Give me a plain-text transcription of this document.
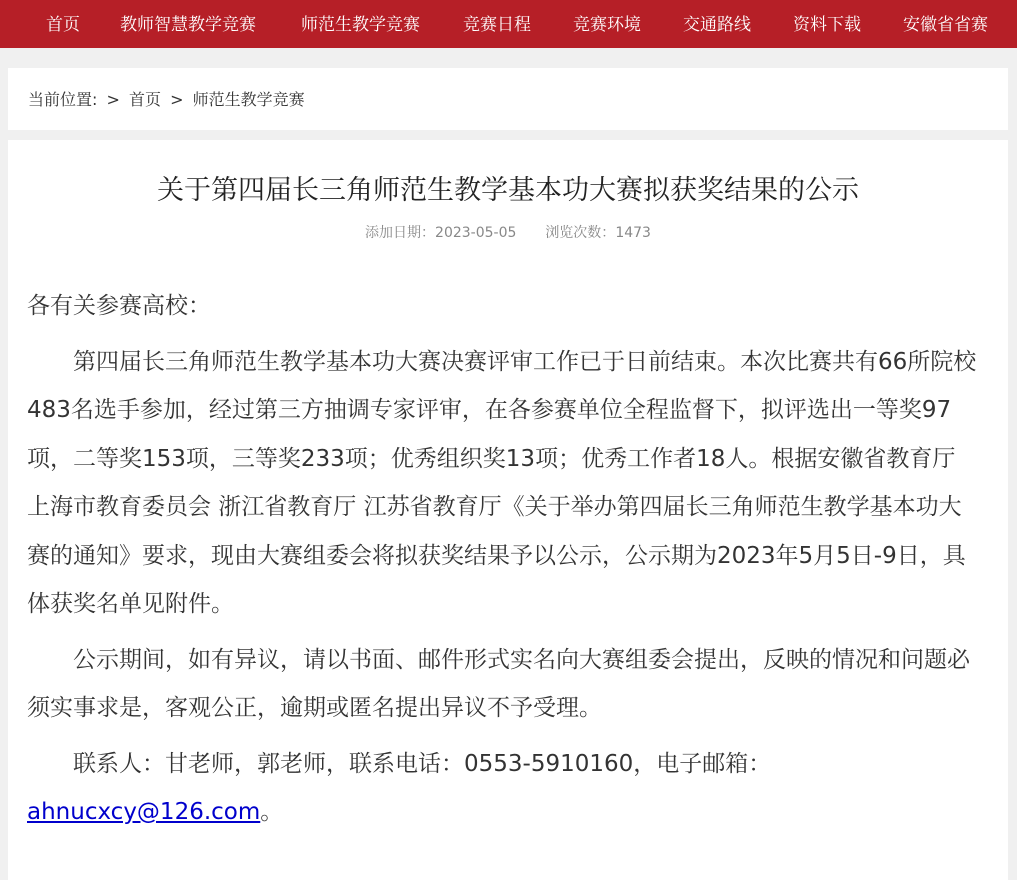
首页 教师智慧教学竞赛	师范生教学竞赛	竞赛日程 竞赛环境 交通路线 资料下载 安徽省省赛
当前位置: > 首页 > 师范生教学竞赛
关于第四届长三角师范生教学基本功大赛拟获奖结果的公示
添加日期：2023-05-05 浏览次数：1473

各有关参赛高校：

第四届长三角师范生教学基本功大赛决赛评审工作已于日前结束。本次比赛共有66所院校483名选手参加，经过第三方抽调专家评审，在各参赛单位全程监督下，拟评选出一等奖97项，二等奖153项，三等奖233项；优秀组织奖13项；优秀工作者18人。根据安徽省教育厅 上海市教育委员会 浙江省教育厅 江苏省教育厅《关于举办第四届长三角师范生教学基本功大赛的通知》要求，现由大赛组委会将拟获奖结果予以公示，公示期为2023年5月5日-9日，具体获奖名单见附件。

公示期间，如有异议，请以书面、邮件形式实名向大赛组委会提出，反映的情况和问题必须实事求是，客观公正，逾期或匿名提出异议不予受理。

联系人：甘老师，郭老师，联系电话：0553-5910160，电子邮箱：ahnucxcy@126.com。
